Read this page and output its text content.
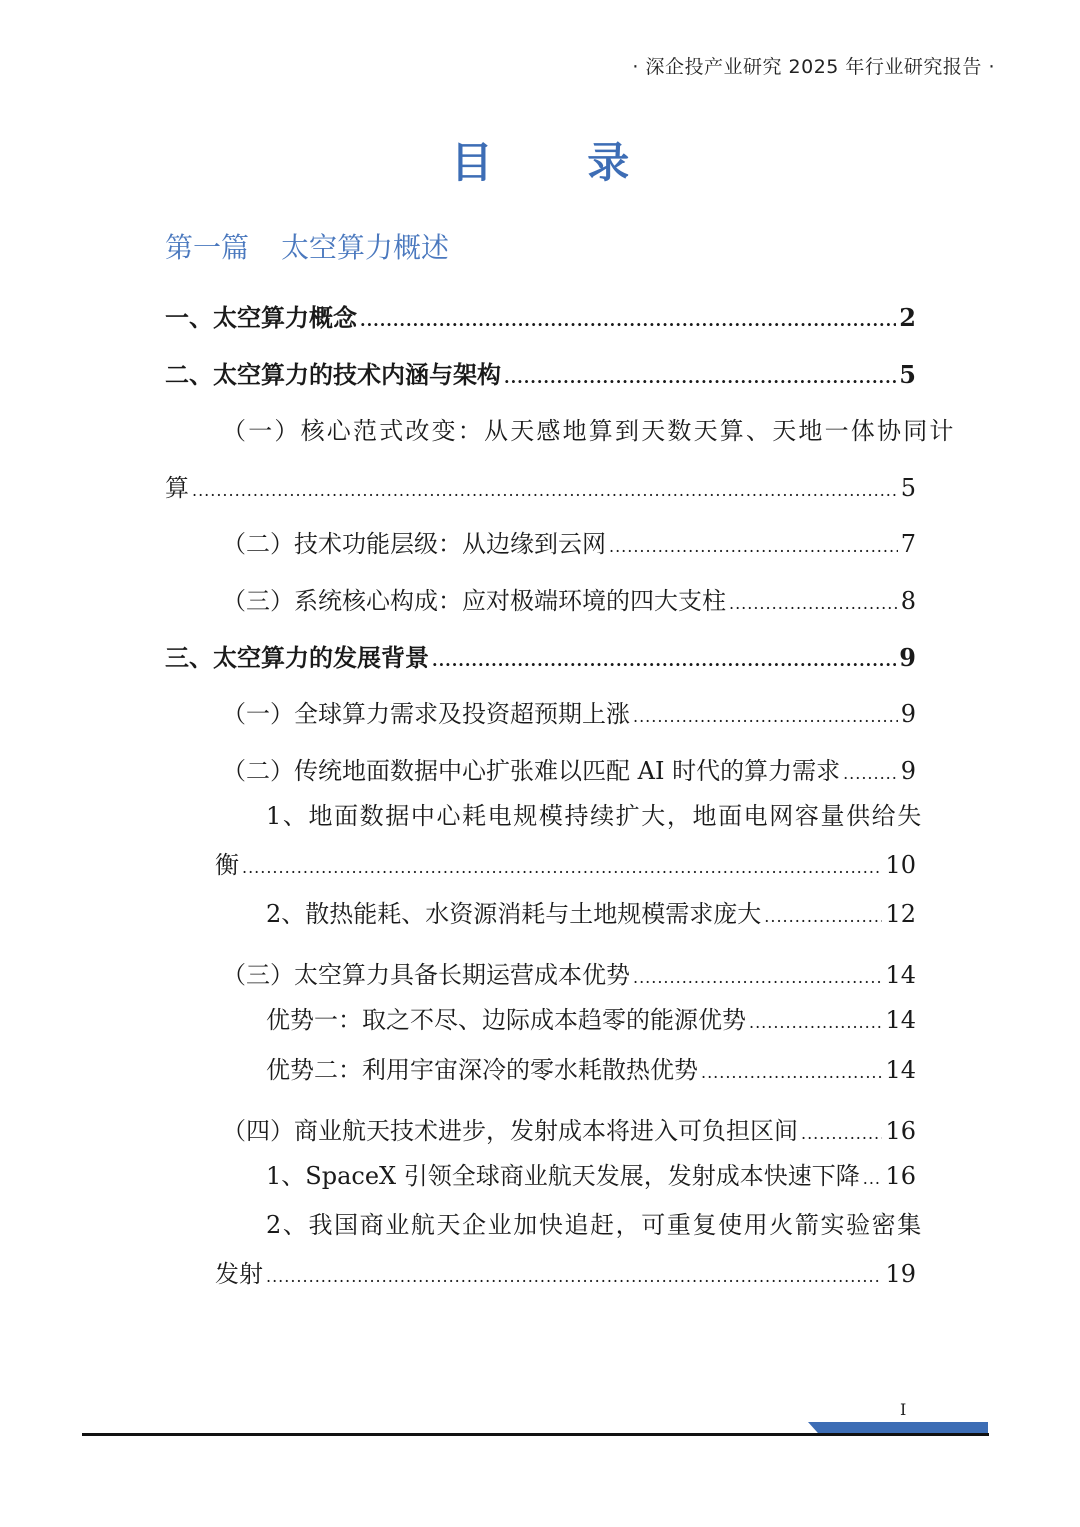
· 深企投产业研究 2025 年行业研究报告 ·
目 录
第一篇 太空算力概述
一、太空算力概念 .....	2
二、太空算力的技术内涵与架构 .....	5
（一）核心范式改变：从天感地算到天数天算、天地一体协同计
算 .....	5
（二）技术功能层级：从边缘到云网 .....	7
（三）系统核心构成：应对极端环境的四大支柱 .....	8
三、太空算力的发展背景 .....	9
（一）全球算力需求及投资超预期上涨 .....	9
（二）传统地面数据中心扩张难以匹配 AI 时代的算力需求 .....	9
1、地面数据中心耗电规模持续扩大，地面电网容量供给失
衡 .....	10
2、散热能耗、水资源消耗与土地规模需求庞大 .....	12
（三）太空算力具备长期运营成本优势 .....	14
优势一：取之不尽、边际成本趋零的能源优势 .....	14
优势二：利用宇宙深冷的零水耗散热优势 .....	14
（四）商业航天技术进步，发射成本将进入可负担区间 .....	16
1、SpaceX 引领全球商业航天发展，发射成本快速下降 ..... 16
2、我国商业航天企业加快追赶，可重复使用火箭实验密集
发射 .....	19
I
